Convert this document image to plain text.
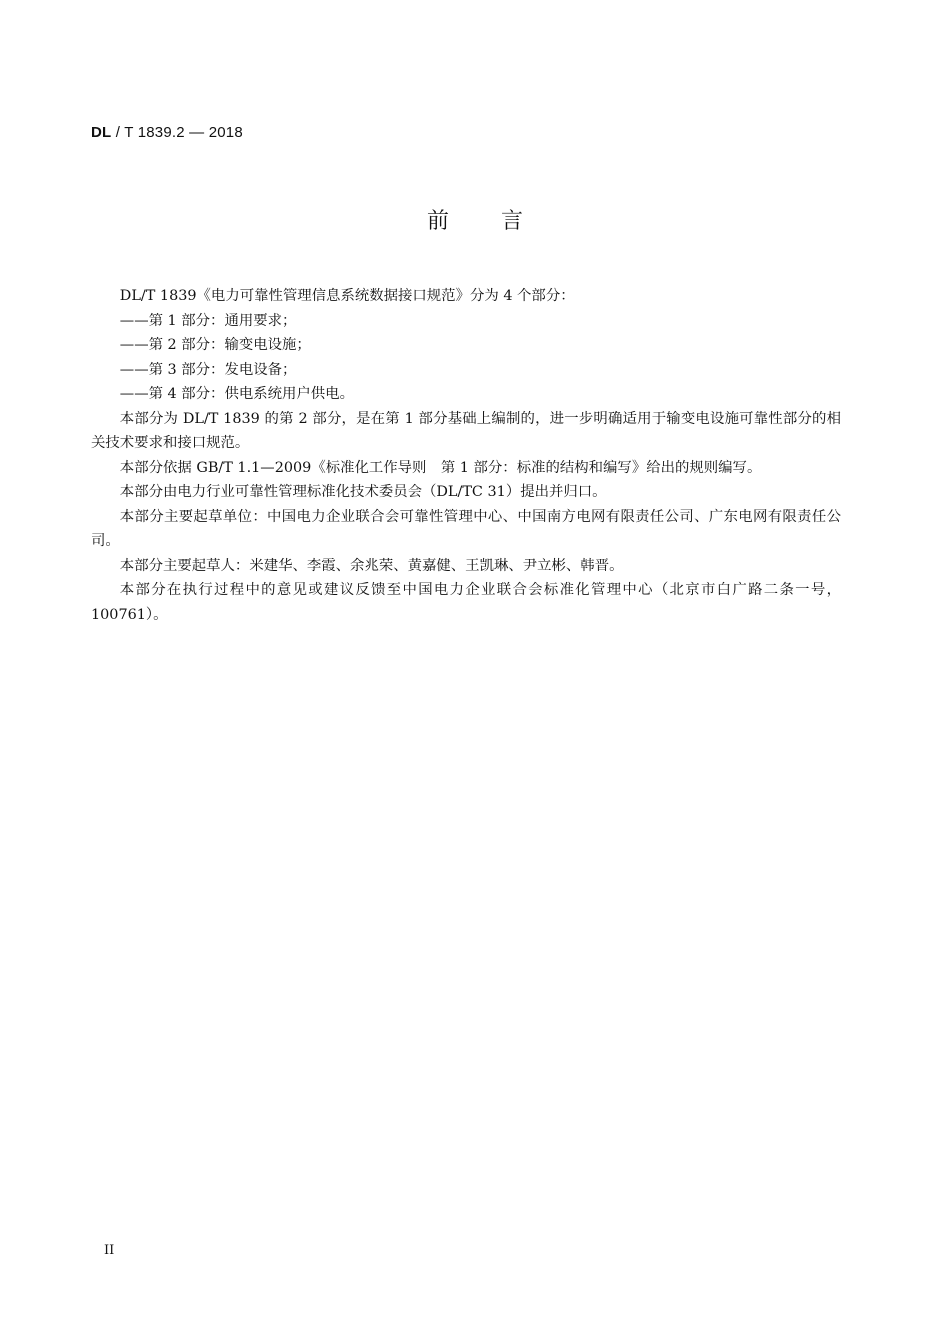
DL / T 1839.2 — 2018
前 言

DL/T 1839《电力可靠性管理信息系统数据接口规范》分为 4 个部分：

——第 1 部分：通用要求；

——第 2 部分：输变电设施；

——第 3 部分：发电设备；

——第 4 部分：供电系统用户供电。

本部分为 DL/T 1839 的第 2 部分，是在第 1 部分基础上编制的，进一步明确适用于输变电设施可靠性部分的相关技术要求和接口规范。

本部分依据 GB/T 1.1—2009《标准化工作导则　第 1 部分：标准的结构和编写》给出的规则编写。

本部分由电力行业可靠性管理标准化技术委员会（DL/TC 31）提出并归口。

本部分主要起草单位：中国电力企业联合会可靠性管理中心、中国南方电网有限责任公司、广东电网有限责任公司。

本部分主要起草人：米建华、李霞、余兆荣、黄嘉健、王凯琳、尹立彬、韩晋。

本部分在执行过程中的意见或建议反馈至中国电力企业联合会标准化管理中心（北京市白广路二条一号，100761）。

II
